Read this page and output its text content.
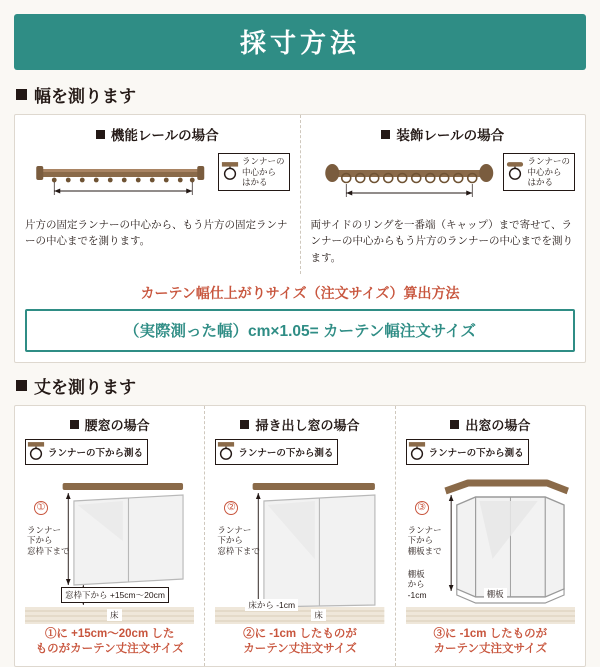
採寸方法
幅を測ります
機能レールの場合
ランナーの
中心から
はかる
片方の固定ランナーの中心から、もう片方の固定ランナーの中心までを測ります。
装飾レールの場合
ランナーの
中心から
はかる
両サイドのリングを一番端（キャップ）まで寄せて、ランナーの中心からもう片方のランナーの中心までを測ります。
カーテン幅仕上がりサイズ（注文サイズ）算出方法
（実際測った幅）cm×1.05= カーテン幅注文サイズ
丈を測ります
腰窓の場合
ランナーの下から測る
①
ランナー
下から
窓枠下まで
窓枠下から +15cm〜20cm
床
①に +15cm〜20cm した
ものがカーテン丈注文サイズ
掃き出し窓の場合
ランナーの下から測る
②
ランナー
下から
窓枠下まで
床から -1cm
床
②に -1cm したものが
カーテン丈注文サイズ
出窓の場合
ランナーの下から測る
③
ランナー
下から
棚板まで
棚板
から
-1cm	棚板
③に -1cm したものが
カーテン丈注文サイズ
